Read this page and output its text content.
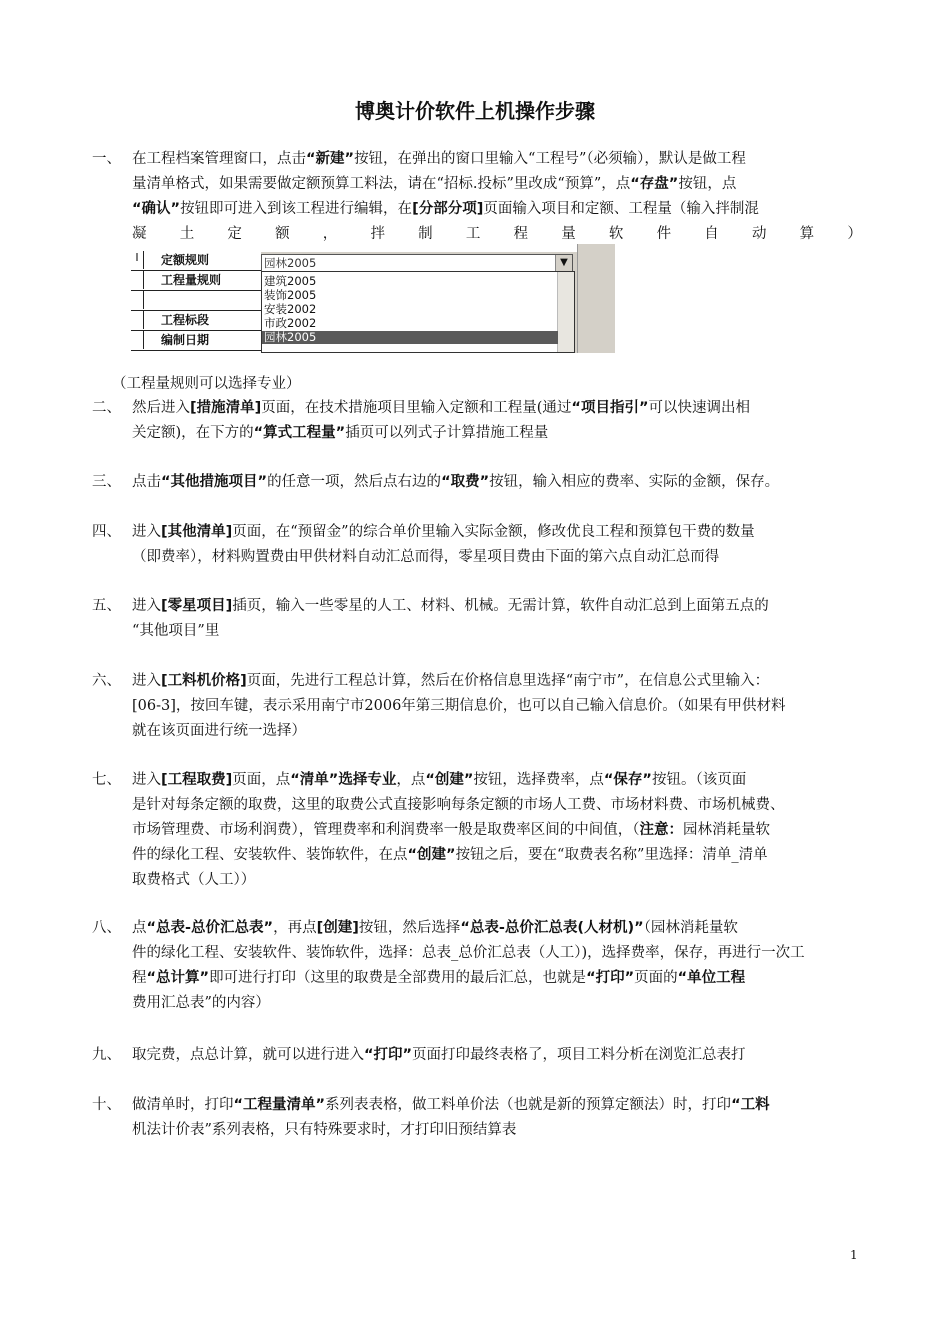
博奥计价软件上机操作步骤
一、 在工程档案管理窗口，点击“新建”按钮，在弹出的窗口里输入“工程号”（必须输），默认是做工程
量清单格式，如果需要做定额预算工料法，请在“招标.投标”里改成“预算”，点“存盘”按钮，点
“确认”按钮即可进入到该工程进行编辑，在[分部分项]页面输入项目和定额、工程量（输入拌制混
凝 土 定 额 ， 拌 制 工 程 量 软 件 自 动 算 ）
二、 然后进入[措施清单]页面，在技术措施项目里输入定额和工程量(通过“项目指引”可以快速调出相
关定额)，在下方的“算式工程量”插页可以列式子计算措施工程量
三、 点击“其他措施项目”的任意一项，然后点右边的“取费”按钮，输入相应的费率、实际的金额，保存。
四、 进入[其他清单]页面，在“预留金”的综合单价里输入实际金额，修改优良工程和预算包干费的数量
（即费率），材料购置费由甲供材料自动汇总而得，零星项目费由下面的第六点自动汇总而得
五、 进入[零星项目]插页，输入一些零星的人工、材料、机械。无需计算，软件自动汇总到上面第五点的
“其他项目”里
六、 进入[工料机价格]页面，先进行工程总计算，然后在价格信息里选择“南宁市”，在信息公式里输入：
[06-3]，按回车键，表示采用南宁市2006年第三期信息价，也可以自己输入信息价。（如果有甲供材料
就在该页面进行统一选择）
七、 进入[工程取费]页面，点“清单”选择专业，点“创建”按钮，选择费率，点“保存”按钮。（该页面
是针对每条定额的取费，这里的取费公式直接影响每条定额的市场人工费、市场材料费、市场机械费、
市场管理费、市场利润费），管理费率和利润费率一般是取费率区间的中间值，（注意：园林消耗量软
件的绿化工程、安装软件、装饰软件，在点“创建”按钮之后，要在“取费表名称”里选择：清单_清单
取费格式（人工））
八、 点“总表-总价汇总表”，再点[创建]按钮，然后选择“总表-总价汇总表(人材机)”（园林消耗量软
件的绿化工程、安装软件、装饰软件，选择：总表_总价汇总表（人工）)，选择费率，保存，再进行一次工
程“总计算”即可进行打印（这里的取费是全部费用的最后汇总，也就是“打印”页面的“单位工程
费用汇总表”的内容）
九、 取完费，点总计算，就可以进行进入“打印”页面打印最终表格了，项目工料分析在浏览汇总表打
十、 做清单时，打印“工程量清单”系列表表格，做工料单价法（也就是新的预算定额法）时，打印“工料
机法计价表”系列表格，只有特殊要求时，才打印旧预结算表
I	定额规则
工程量规则
工程标段
编制日期
园林2005	▼
建筑2005
装饰2005
安装2002
市政2002
园林2005
（工程量规则可以选择专业）
1
